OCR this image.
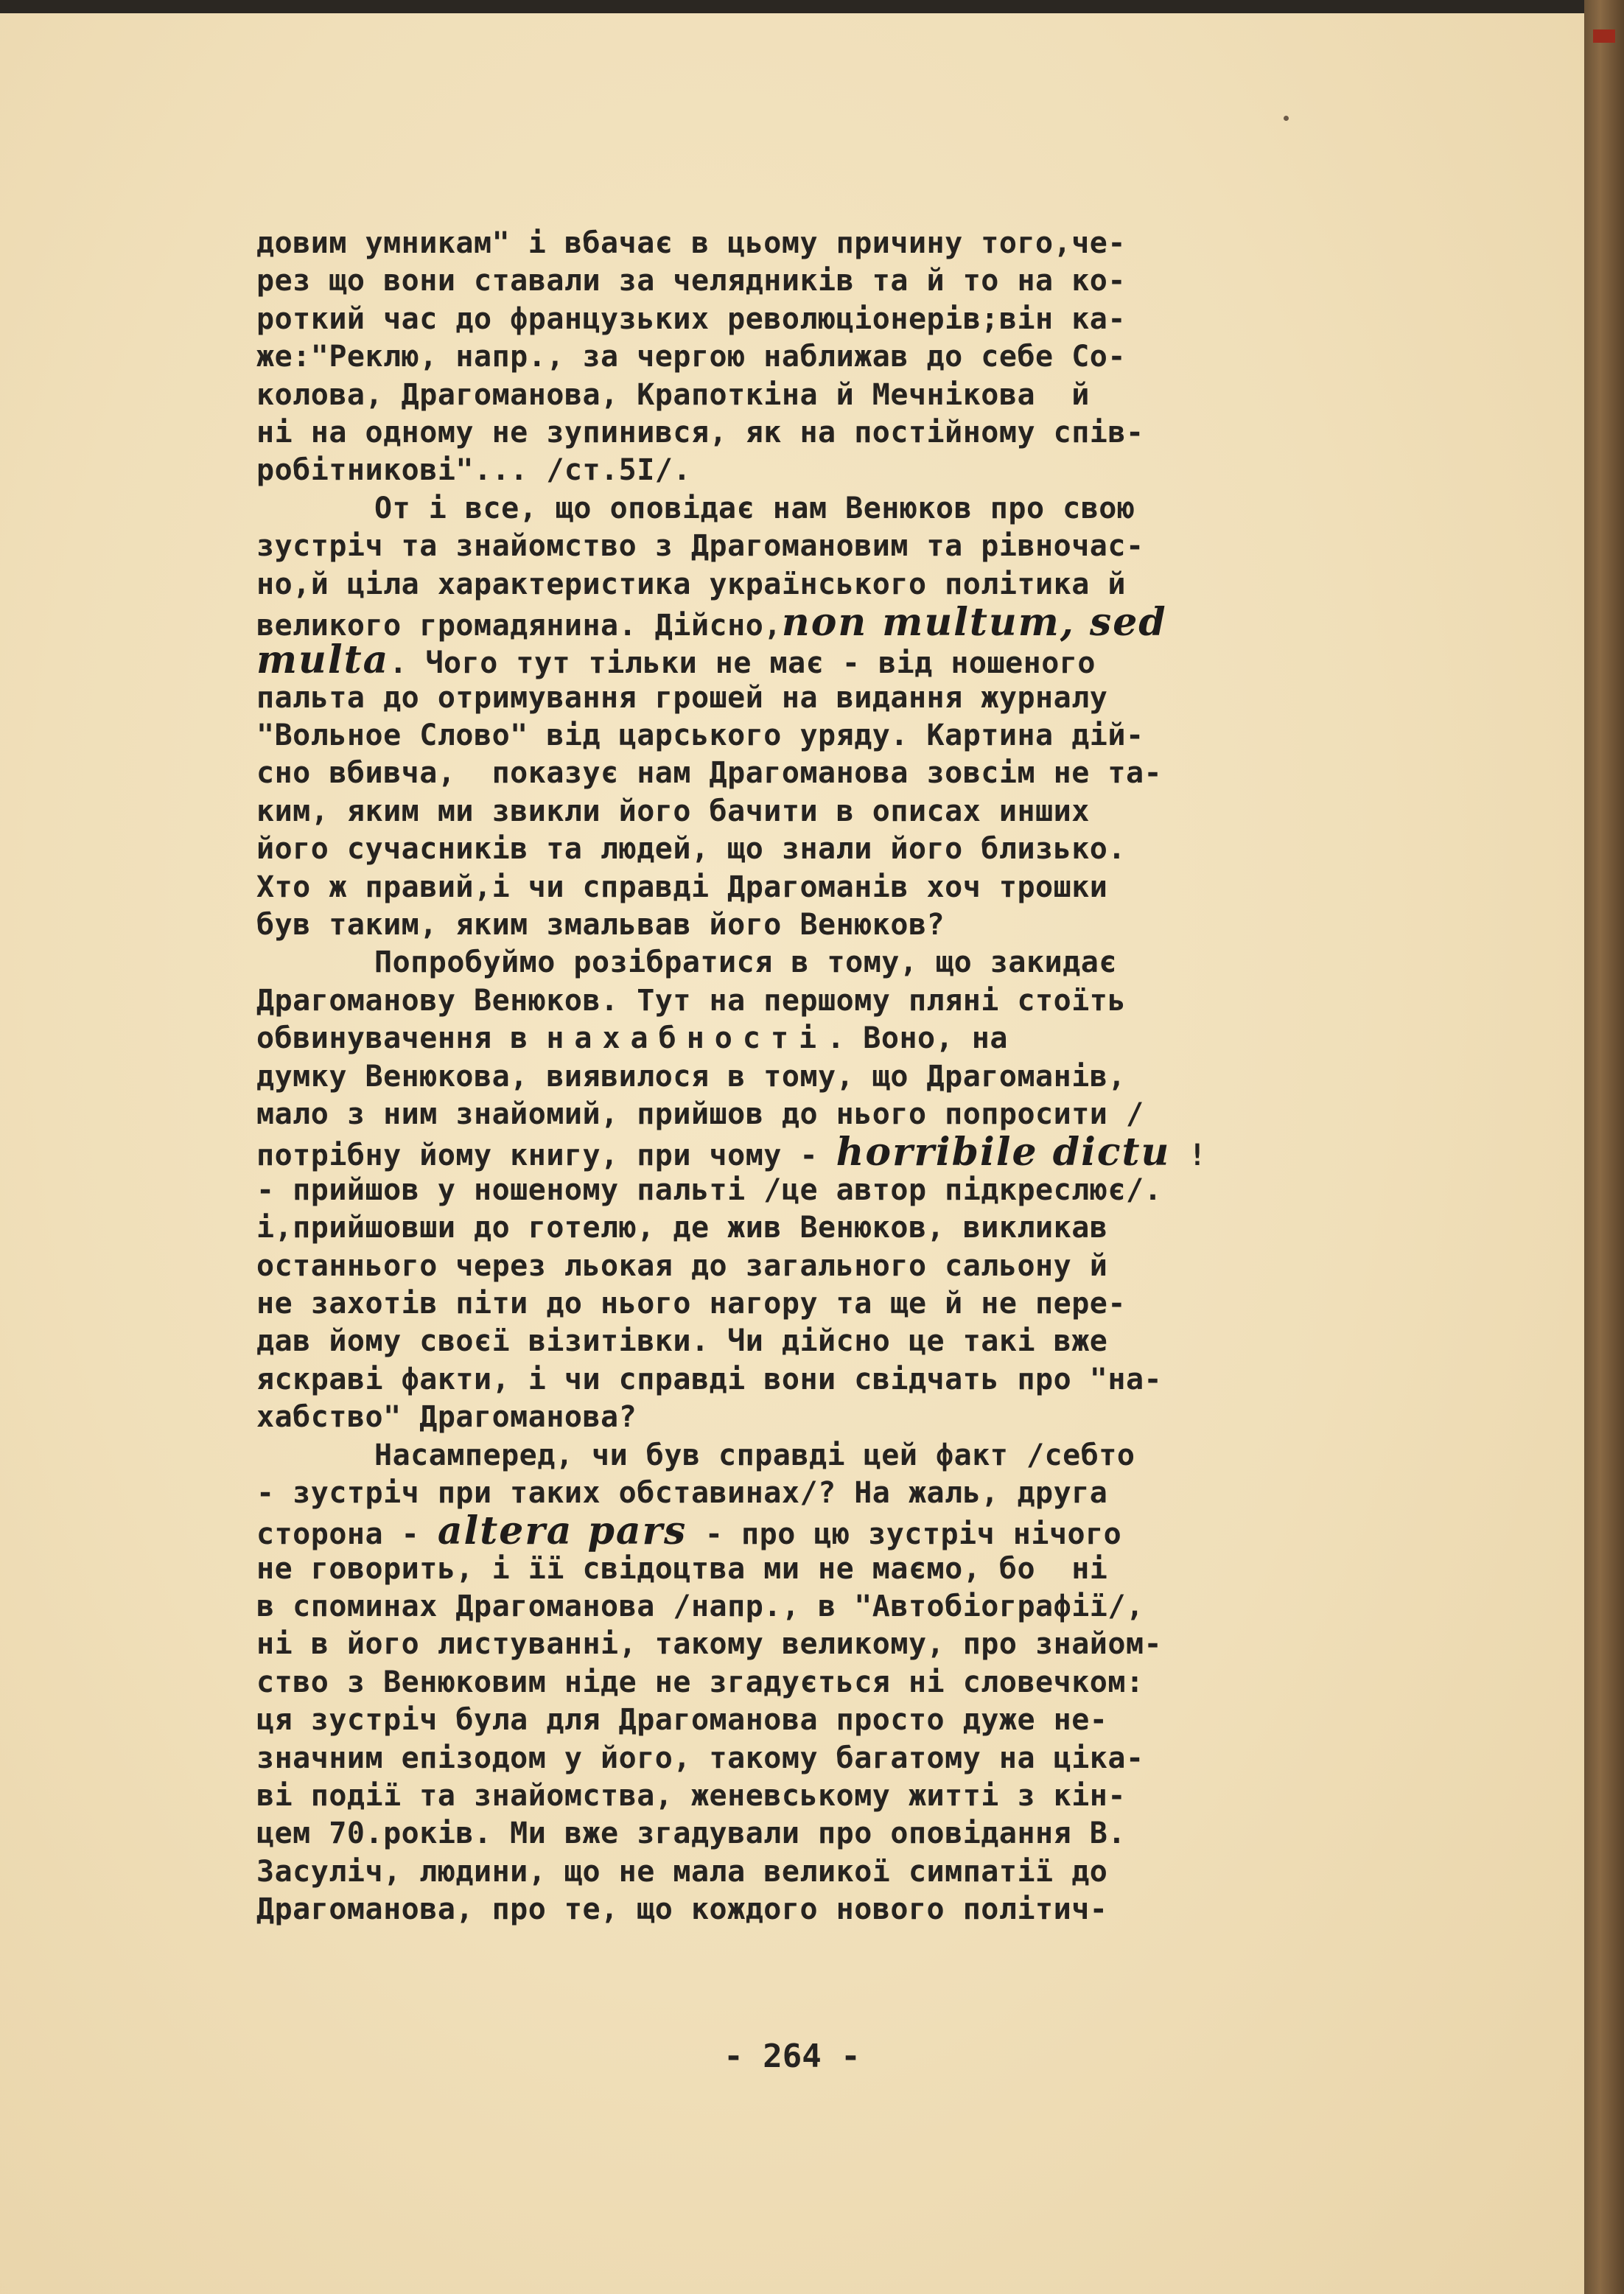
довим умникам" і вбачає в цьому причину того,че-
рез що вони ставали за челядників та й то на ко-
роткий час до французьких революціонерів;він ка-
же:"Реклю, напр., за чергою наближав до себе Со-
колова, Драгоманова, Крапоткіна й Мечнікова  й
ні на одному не зупинився, як на постійному спів-
робітникові"... /ст.5І/.
От і все, що оповідає нам Венюков про свою
зустріч та знайомство з Драгомановим та рівночас-
но,й ціла характеристика українського політика й
великого громадянина. Дійсно,non multum, sed
multa. Чого тут тільки не має - від ношеного
пальта до отримування грошей на видання журналу
"Вольное Слово" від царського уряду. Картина дій-
сно вбивча,  показує нам Драгоманова зовсім не та-
ким, яким ми звикли його бачити в описах инших
його сучасників та людей, що знали його близько.
Хто ж правий,і чи справді Драгоманів хоч трошки
був таким, яким змальвав його Венюков?
Попробуймо розібратися в тому, що закидає
Драгоманову Венюков. Тут на першому пляні стоїть
обвинувачення в нахабності. Воно, на
думку Венюкова, виявилося в тому, що Драгоманів,
мало з ним знайомий, прийшов до нього попросити /
потрібну йому книгу, при чому - horribile dictu !
- прийшов у ношеному пальті /це автор підкреслює/.
і,прийшовши до готелю, де жив Венюков, викликав
останнього через льокая до загального сальону й
не захотів піти до нього нагору та ще й не пере-
дав йому своєї візитівки. Чи дійсно це такі вже
яскраві факти, і чи справді вони свідчать про "на-
хабство" Драгоманова?
Насамперед, чи був справді цей факт /себто
- зустріч при таких обставинах/? На жаль, друга
сторона - altera pars - про цю зустріч нічого
не говорить, і її свідоцтва ми не маємо, бо  ні
в споминах Драгоманова /напр., в "Автобіографії/,
ні в його листуванні, такому великому, про знайом-
ство з Венюковим ніде не згадується ні словечком:
ця зустріч була для Драгоманова просто дуже не-
значним епізодом у його, такому багатому на ціка-
ві події та знайомства, женевському житті з кін-
цем 70.років. Ми вже згадували про оповідання В.
Засуліч, людини, що не мала великої симпатії до
Драгоманова, про те, що кождого нового політич-
- 264 -
